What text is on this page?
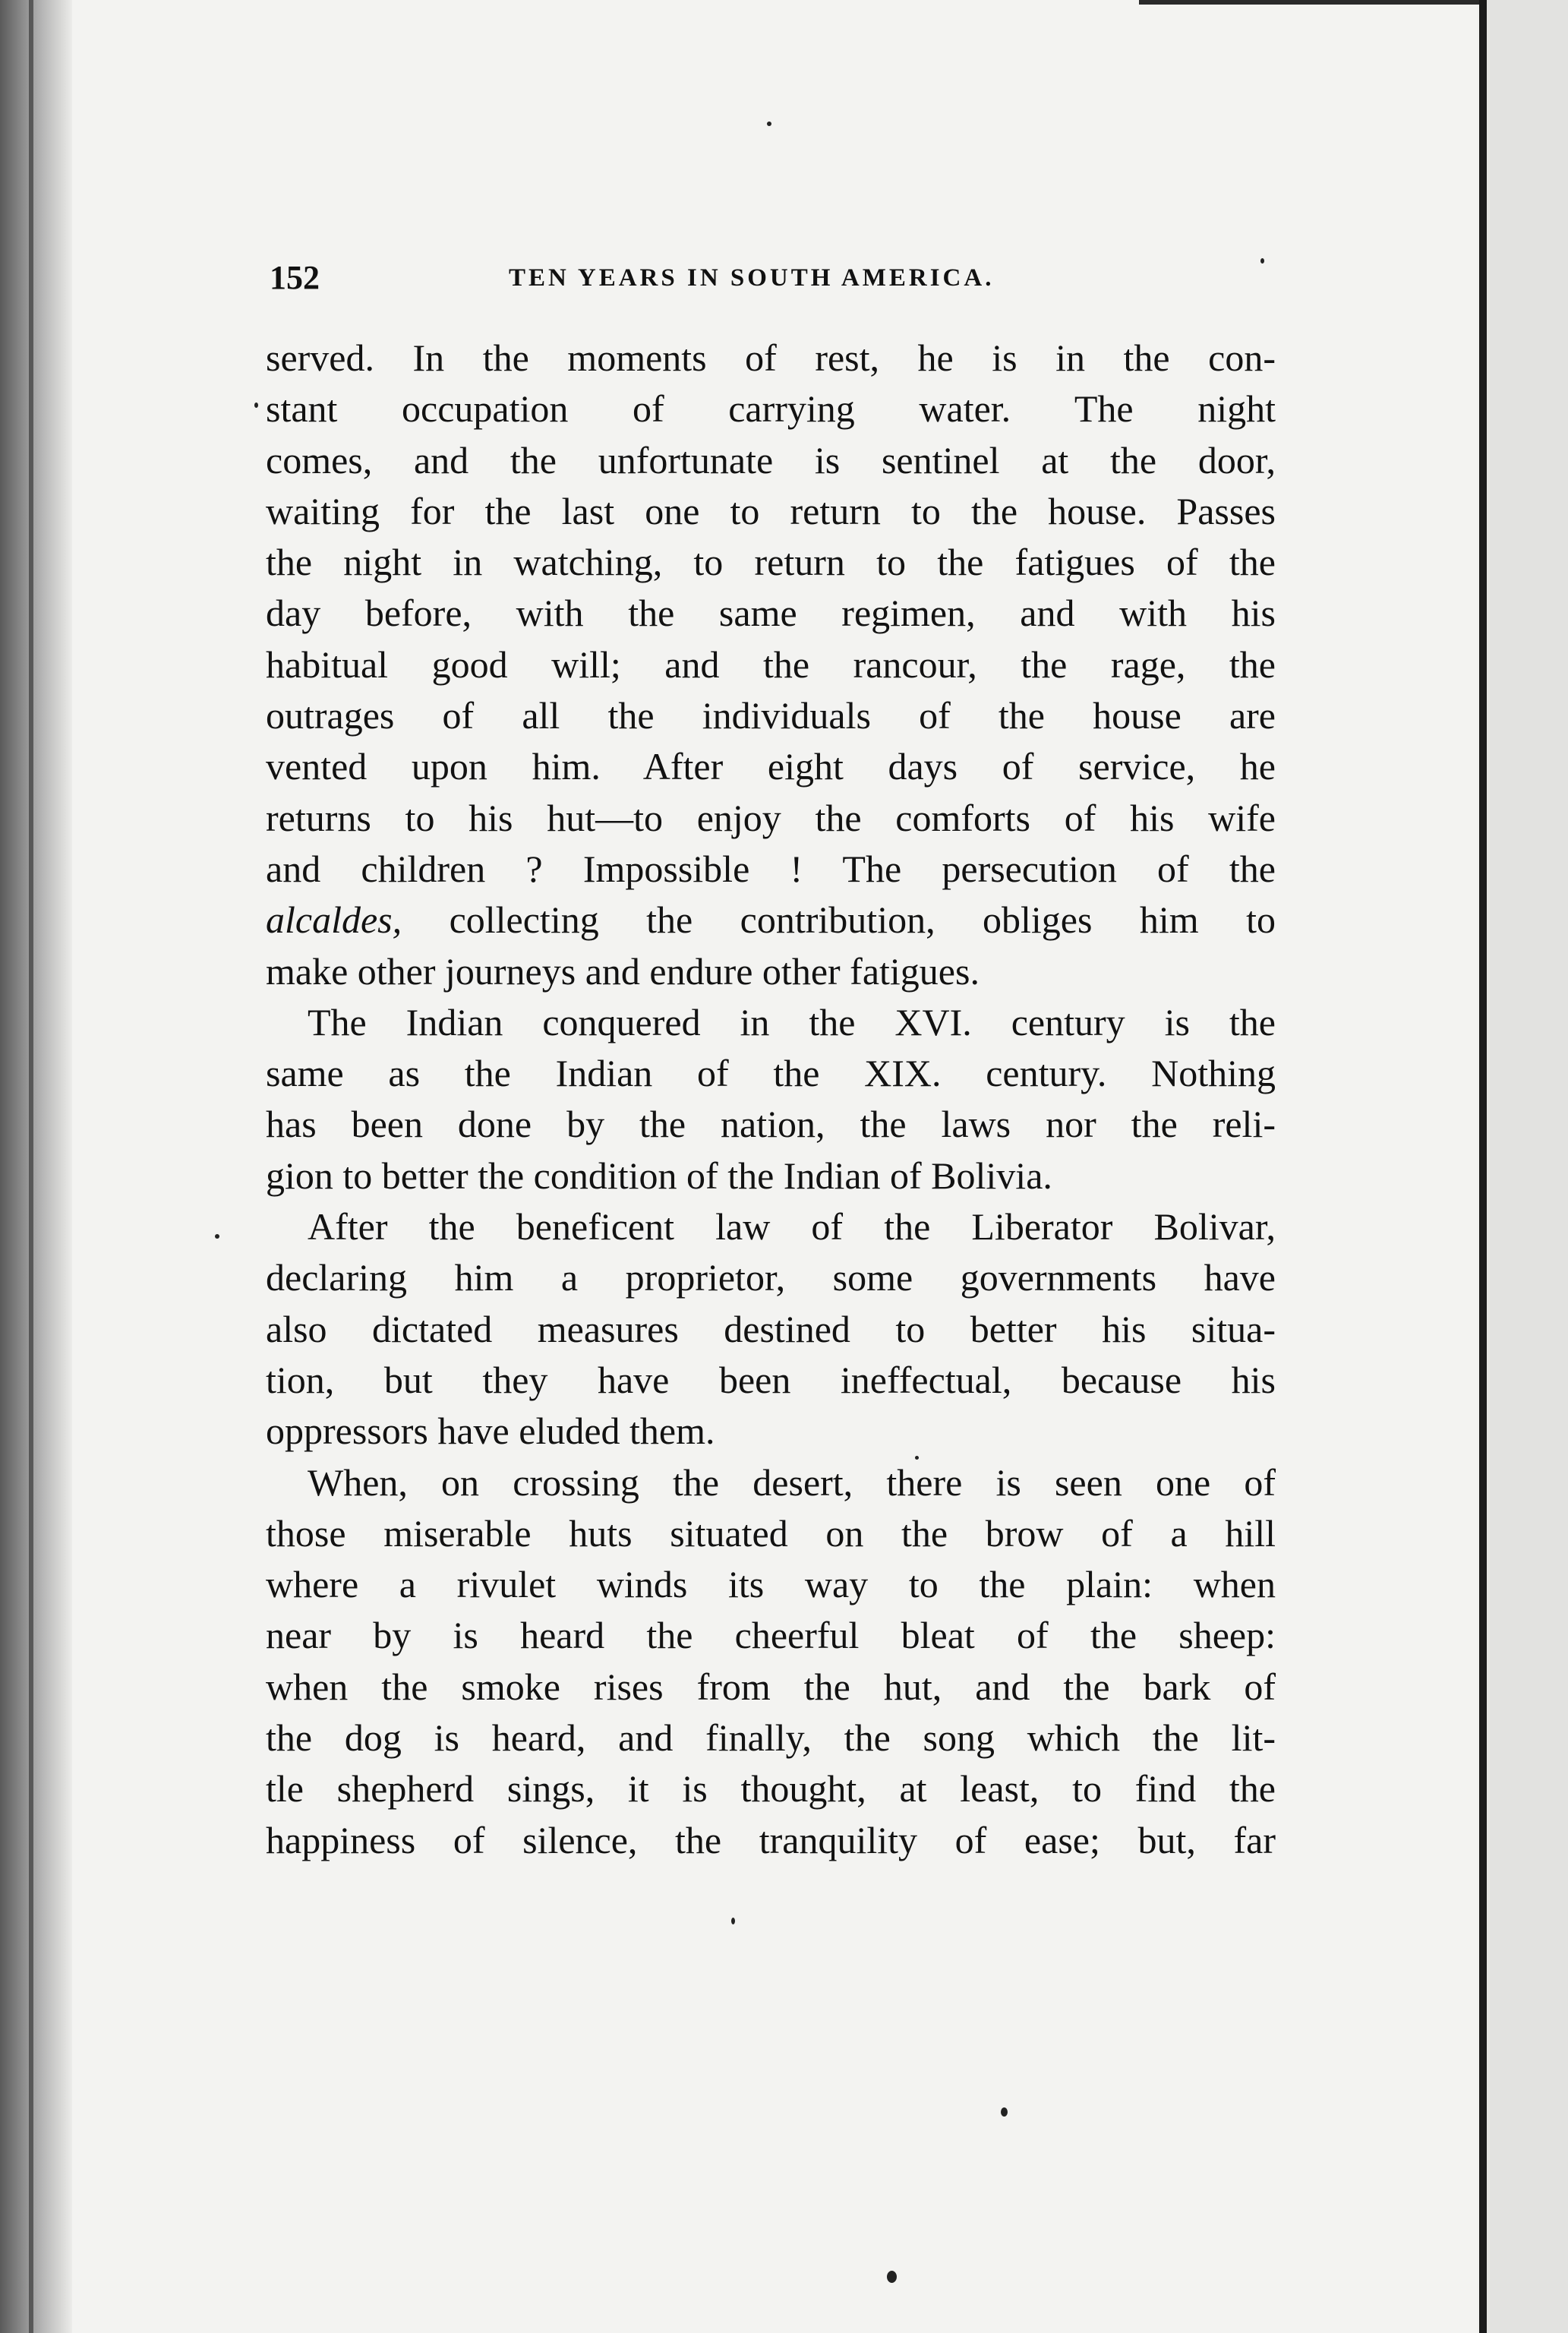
152	TEN YEARS IN SOUTH AMERICA.
served. In the moments of rest, he is in the con-
stant occupation of carrying water. The night
comes, and the unfortunate is sentinel at the door,
waiting for the last one to return to the house. Passes
the night in watching, to return to the fatigues of the
day before, with the same regimen, and with his
habitual good will; and the rancour, the rage, the
outrages of all the individuals of the house are
vented upon him. After eight days of service, he
returns to his hut—to enjoy the comforts of his wife
and children ? Impossible ! The persecution of the
alcaldes, collecting the contribution, obliges him to
make other journeys and endure other fatigues.
The Indian conquered in the XVI. century is the
same as the Indian of the XIX. century. Nothing
has been done by the nation, the laws nor the reli-
gion to better the condition of the Indian of Bolivia.
After the beneficent law of the Liberator Bolivar,
declaring him a proprietor, some governments have
also dictated measures destined to better his situa-
tion, but they have been ineffectual, because his
oppressors have eluded them.
When, on crossing the desert, there is seen one of
those miserable huts situated on the brow of a hill
where a rivulet winds its way to the plain: when
near by is heard the cheerful bleat of the sheep:
when the smoke rises from the hut, and the bark of
the dog is heard, and finally, the song which the lit-
tle shepherd sings, it is thought, at least, to find the
happiness of silence, the tranquility of ease; but, far
